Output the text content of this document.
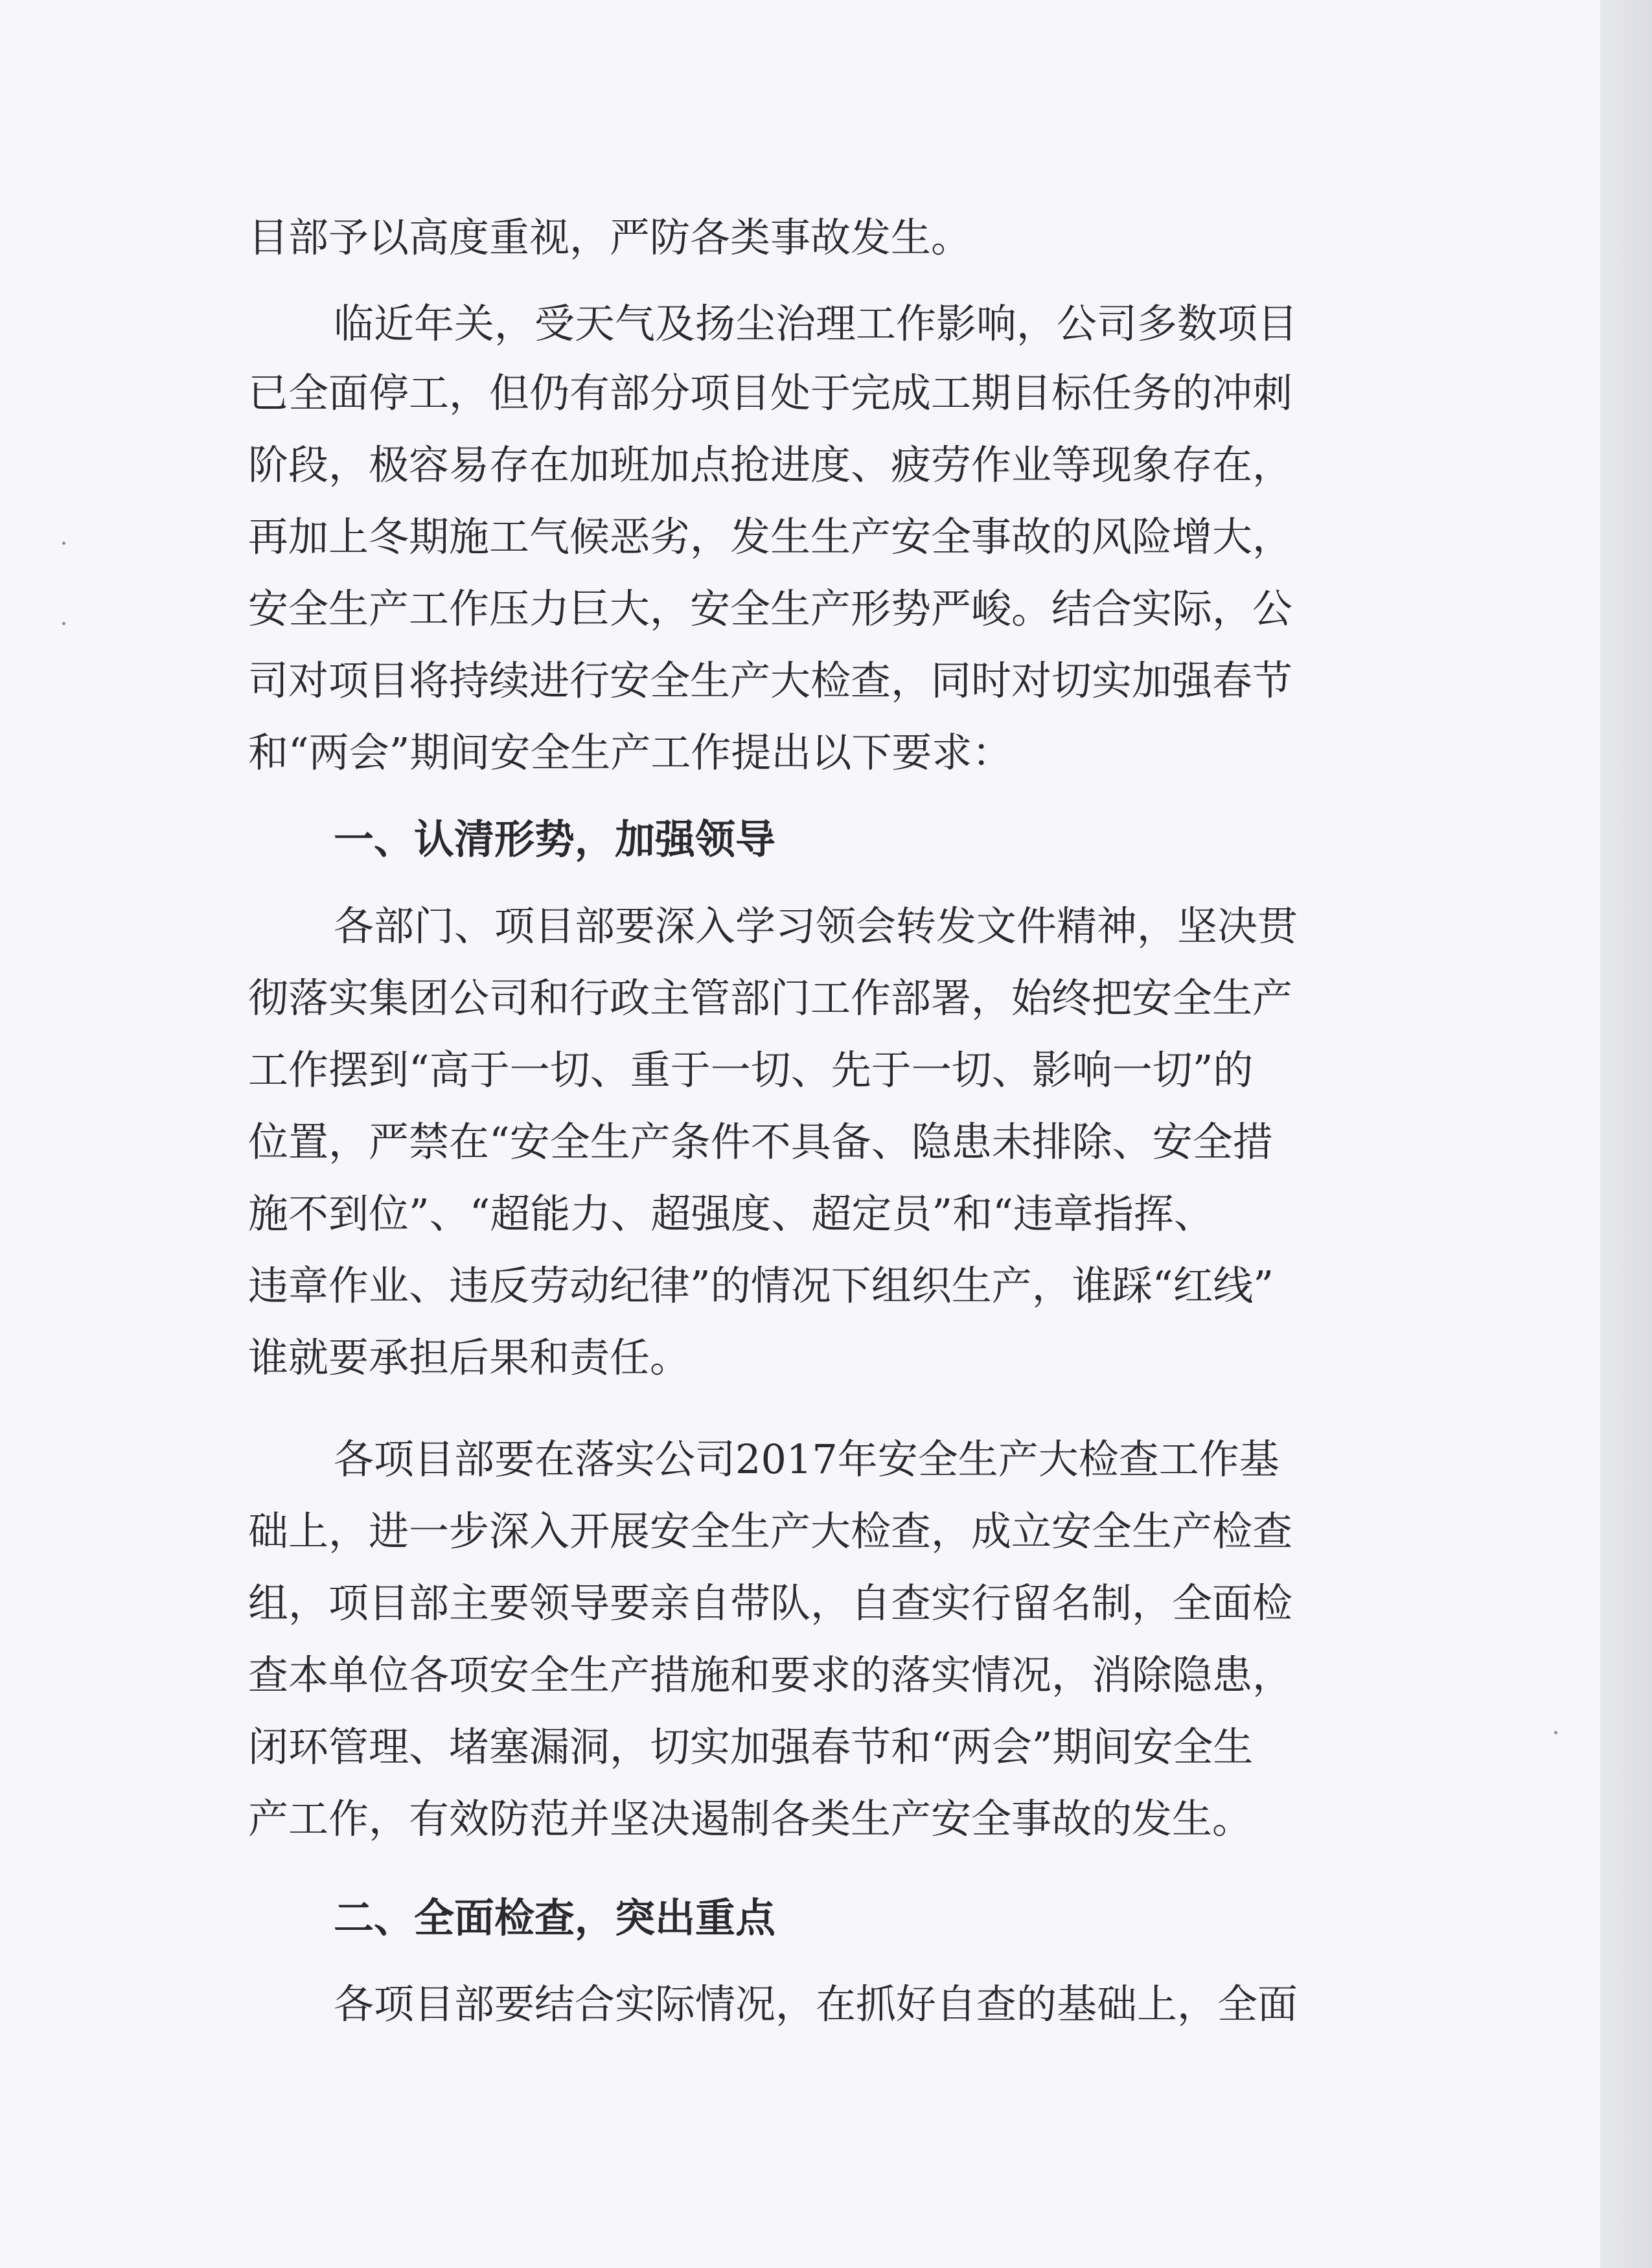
目部予以高度重视，严防各类事故发生。
临近年关，受天气及扬尘治理工作影响，公司多数项目
已全面停工，但仍有部分项目处于完成工期目标任务的冲刺
阶段，极容易存在加班加点抢进度、疲劳作业等现象存在，
再加上冬期施工气候恶劣，发生生产安全事故的风险增大，
安全生产工作压力巨大，安全生产形势严峻。结合实际，公
司对项目将持续进行安全生产大检查，同时对切实加强春节
和“两会”期间安全生产工作提出以下要求：
一、认清形势，加强领导
各部门、项目部要深入学习领会转发文件精神，坚决贯
彻落实集团公司和行政主管部门工作部署，始终把安全生产
工作摆到“高于一切、重于一切、先于一切、影响一切”的
位置，严禁在“安全生产条件不具备、隐患未排除、安全措
施不到位”、“超能力、超强度、超定员”和“违章指挥、
违章作业、违反劳动纪律”的情况下组织生产，谁踩“红线”
谁就要承担后果和责任。
各项目部要在落实公司2017年安全生产大检查工作基
础上，进一步深入开展安全生产大检查，成立安全生产检查
组，项目部主要领导要亲自带队，自查实行留名制，全面检
查本单位各项安全生产措施和要求的落实情况，消除隐患，
闭环管理、堵塞漏洞，切实加强春节和“两会”期间安全生
产工作，有效防范并坚决遏制各类生产安全事故的发生。
二、全面检查，突出重点
各项目部要结合实际情况，在抓好自查的基础上，全面
